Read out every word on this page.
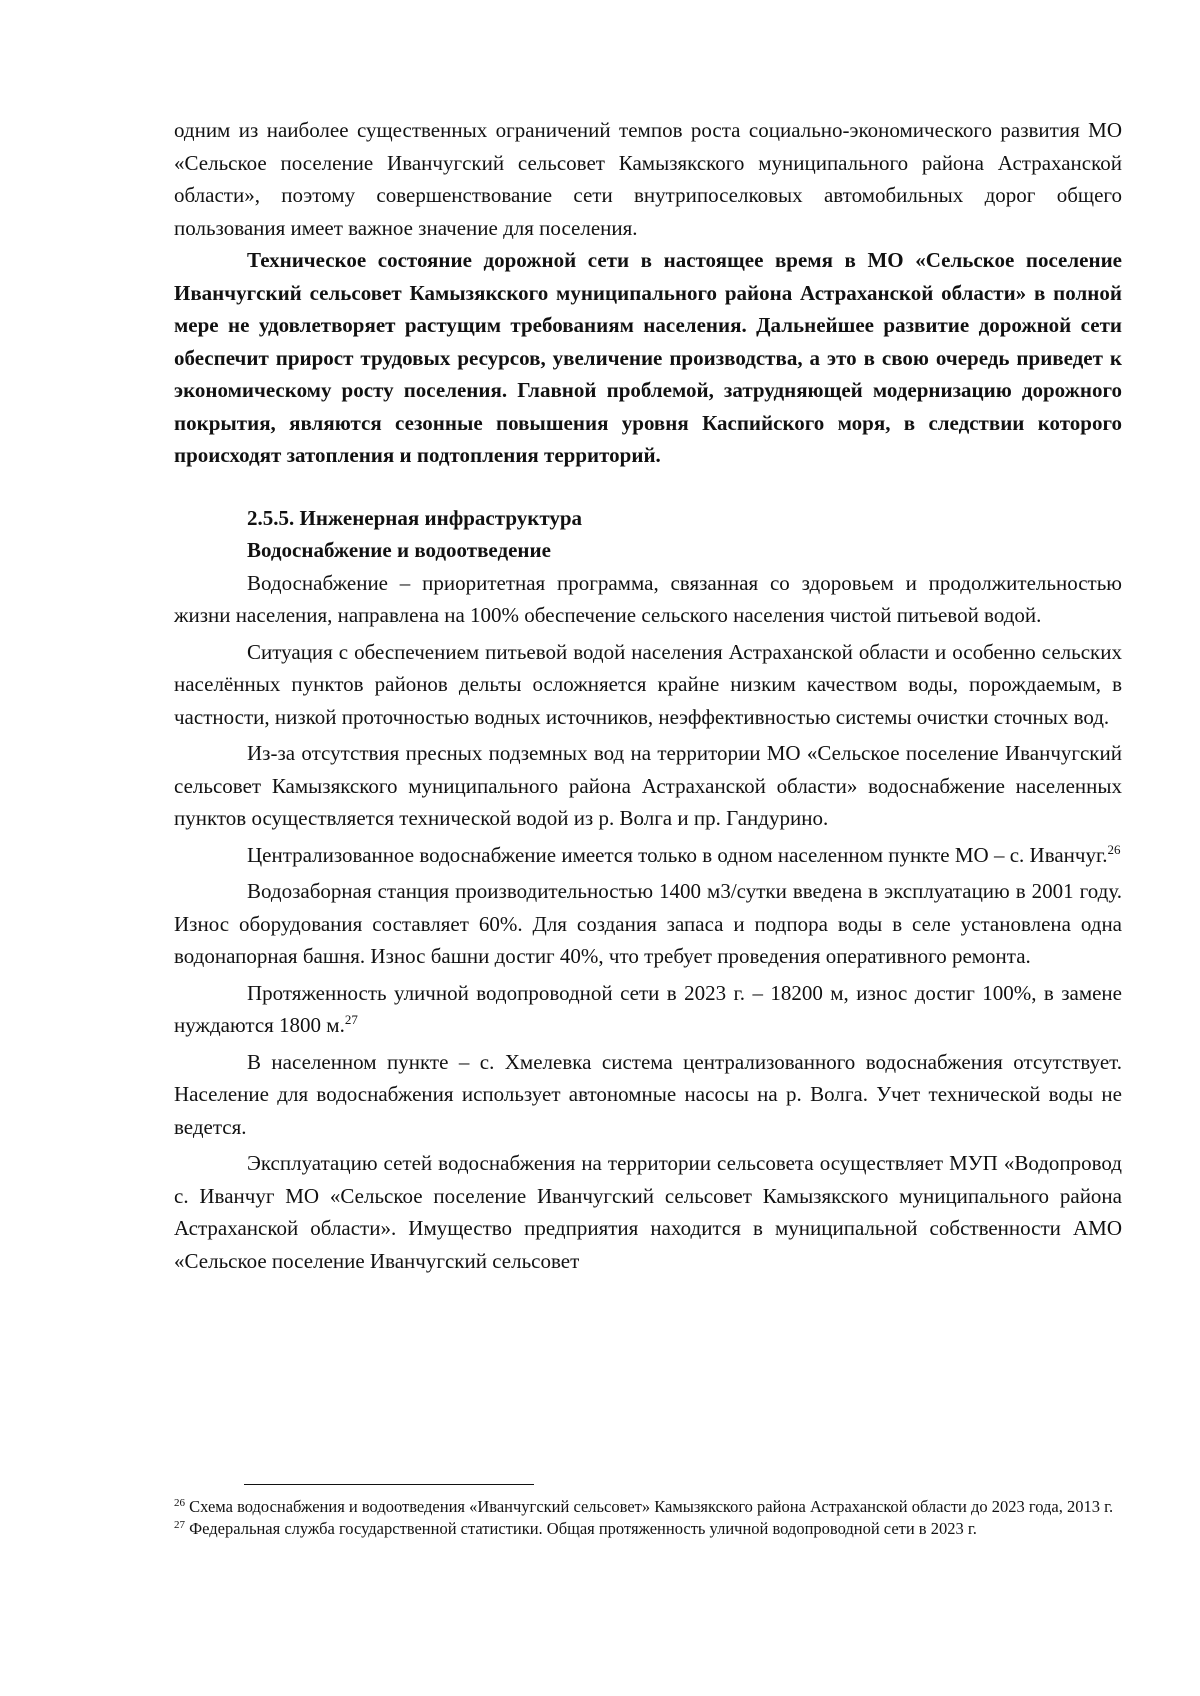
одним из наиболее существенных ограничений темпов роста социально-экономического развития МО «Сельское поселение Иванчугский сельсовет Камызякского муниципального района Астраханской области», поэтому совершенствование сети внутрипоселковых автомобильных дорог общего пользования имеет важное значение для поселения.

Техническое состояние дорожной сети в настоящее время в МО «Сельское поселение Иванчугский сельсовет Камызякского муниципального района Астраханской области» в полной мере не удовлетворяет растущим требованиям населения. Дальнейшее развитие дорожной сети обеспечит прирост трудовых ресурсов, увеличение производства, а это в свою очередь приведет к экономическому росту поселения. Главной проблемой, затрудняющей модернизацию дорожного покрытия, являются сезонные повышения уровня Каспийского моря, в следствии которого происходят затопления и подтопления территорий.

2.5.5. Инженерная инфраструктура
Водоснабжение и водоотведение

Водоснабжение – приоритетная программа, связанная со здоровьем и продолжительностью жизни населения, направлена на 100% обеспечение сельского населения чистой питьевой водой.

Ситуация с обеспечением питьевой водой населения Астраханской области и особенно сельских населённых пунктов районов дельты осложняется крайне низким качеством воды, порождаемым, в частности, низкой проточностью водных источников, неэффективностью системы очистки сточных вод.

Из-за отсутствия пресных подземных вод на территории МО «Сельское поселение Иванчугский сельсовет Камызякского муниципального района Астраханской области» водоснабжение населенных пунктов осуществляется технической водой из р. Волга и пр. Гандурино.

Централизованное водоснабжение имеется только в одном населенном пункте МО – с. Иванчуг.$^{26}$

Водозаборная станция производительностью 1400 м3/сутки введена в эксплуатацию в 2001 году. Износ оборудования составляет 60%. Для создания запаса и подпора воды в селе установлена одна водонапорная башня. Износ башни достиг 40%, что требует проведения оперативного ремонта.

Протяженность уличной водопроводной сети в 2023 г. – 18200 м, износ достиг 100%, в замене нуждаются 1800 м.$^{27}$

В населенном пункте – с. Хмелевка система централизованного водоснабжения отсутствует. Население для водоснабжения использует автономные насосы на р. Волга. Учет технической воды не ведется.

Эксплуатацию сетей водоснабжения на территории сельсовета осуществляет МУП «Водопровод с. Иванчуг МО «Сельское поселение Иванчугский сельсовет Камызякского муниципального района Астраханской области». Имущество предприятия находится в муниципальной собственности АМО «Сельское поселение Иванчугский сельсовет

$^{26}$ Схема водоснабжения и водоотведения «Иванчугский сельсовет» Камызякского района Астраханской области до 2023 года, 2013 г.

$^{27}$ Федеральная служба государственной статистики. Общая протяженность уличной водопроводной сети в 2023 г.
